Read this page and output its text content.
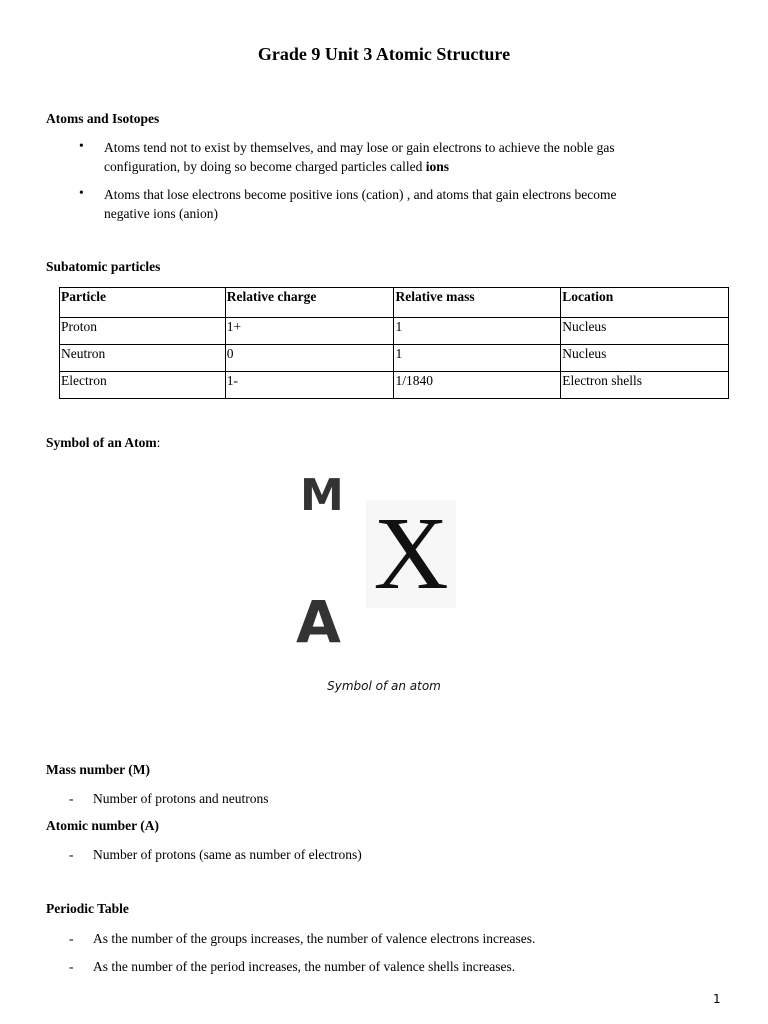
Grade 9 Unit 3 Atomic Structure
Atoms and Isotopes
• Atoms tend not to exist by themselves, and may lose or gain electrons to achieve the noble gas
configuration, by doing so become charged particles called ions
• Atoms that lose electrons become positive ions (cation) , and atoms that gain electrons become
negative ions (anion)
Subatomic particles
Particle	Relative charge	Relative mass	Location
Proton	1+	1	Nucleus
Neutron	0	1	Nucleus
Electron	1-	1/1840	Electron shells
Symbol of an Atom:
M
X
A
Symbol of an atom
Mass number (M)
- Number of protons and neutrons
Atomic number (A)
- Number of protons (same as number of electrons)
Periodic Table
- As the number of the groups increases, the number of valence electrons increases.
- As the number of the period increases, the number of valence shells increases.
1
